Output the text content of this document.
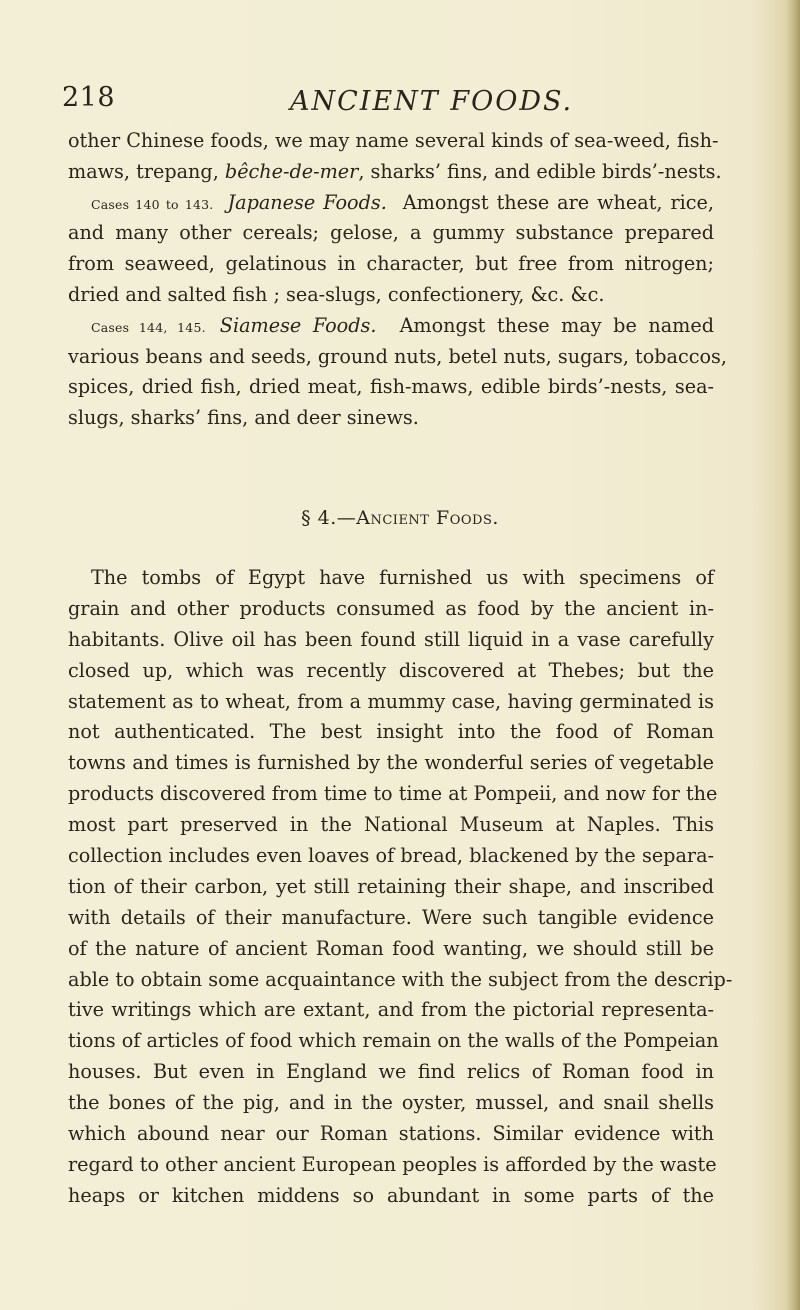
218	ANCIENT FOODS.
other Chinese foods, we may name several kinds of sea-weed, fish-
maws, trepang, bêche-de-mer, sharks’ fins, and edible birds’-nests.
Cases 140 to 143. Japanese Foods. Amongst these are wheat, rice,
and many other cereals; gelose, a gummy substance prepared
from seaweed, gelatinous in character, but free from nitrogen;
dried and salted fish ; sea-slugs, confectionery, &c. &c.
Cases 144, 145. Siamese Foods. Amongst these may be named
various beans and seeds, ground nuts, betel nuts, sugars, tobaccos,
spices, dried fish, dried meat, fish-maws, edible birds’-nests, sea-
slugs, sharks’ fins, and deer sinews.
§ 4.—Ancient Foods.
The tombs of Egypt have furnished us with specimens of
grain and other products consumed as food by the ancient in-
habitants. Olive oil has been found still liquid in a vase carefully
closed up, which was recently discovered at Thebes; but the
statement as to wheat, from a mummy case, having germinated is
not authenticated. The best insight into the food of Roman
towns and times is furnished by the wonderful series of vegetable
products discovered from time to time at Pompeii, and now for the
most part preserved in the National Museum at Naples. This
collection includes even loaves of bread, blackened by the separa-
tion of their carbon, yet still retaining their shape, and inscribed
with details of their manufacture. Were such tangible evidence
of the nature of ancient Roman food wanting, we should still be
able to obtain some acquaintance with the subject from the descrip-
tive writings which are extant, and from the pictorial representa-
tions of articles of food which remain on the walls of the Pompeian
houses. But even in England we find relics of Roman food in
the bones of the pig, and in the oyster, mussel, and snail shells
which abound near our Roman stations. Similar evidence with
regard to other ancient European peoples is afforded by the waste
heaps or kitchen middens so abundant in some parts of the
